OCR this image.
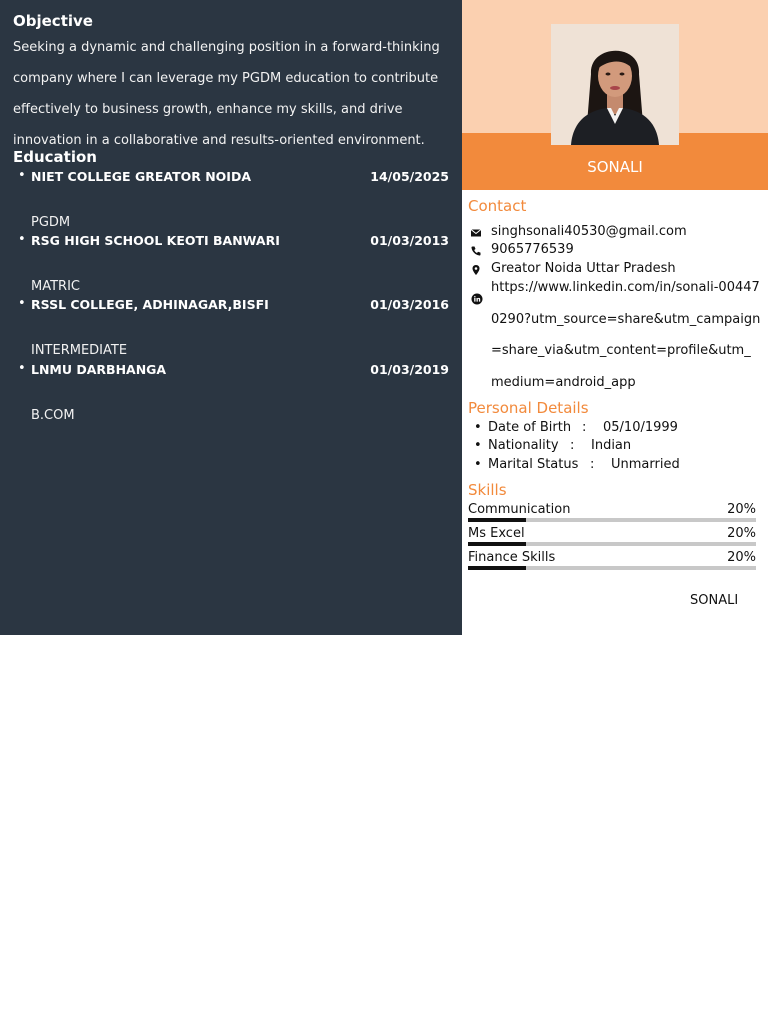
Objective

Seeking a dynamic and challenging position in a forward-thinking company where I can leverage my PGDM education to contribute effectively to business growth, enhance my skills, and drive innovation in a collaborative and results-oriented environment.

Education
• NIET COLLEGE GREATOR NOIDA	14/05/2025
PGDM
• RSG HIGH SCHOOL KEOTI BANWARI	01/03/2013
MATRIC
• RSSL COLLEGE, ADHINAGAR,BISFI	01/03/2016
INTERMEDIATE
• LNMU DARBHANGA	01/03/2019
B.COM
SONALI
Contact
singhsonali40530@gmail.com
9065776539
Greator Noida Uttar Pradesh
https://www.linkedin.com/in/sonali-004470290?utm_source=share&utm_campaign=share_via&utm_content=profile&utm_medium=android_app
Personal Details
• Date of Birth : 05/10/1999
• Nationality : Indian
• Marital Status : Unmarried
Skills
Communication	20%
Ms Excel	20%
Finance Skills	20%
SONALI
